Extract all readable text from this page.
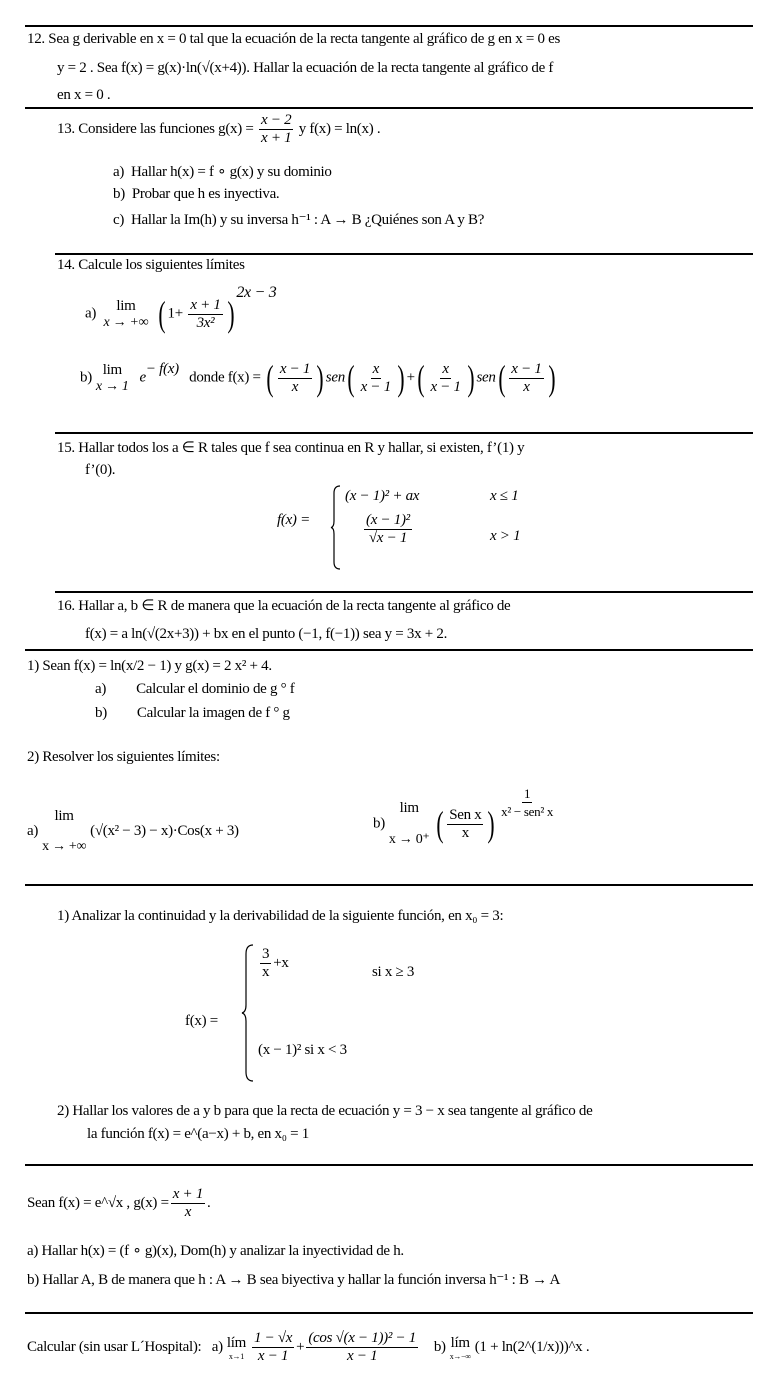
12. Sea g derivable en x = 0 tal que la ecuación de la recta tangente al gráfico de g en x = 0 es
y = 2 . Sea f(x) = g(x)·ln(√(x+4)). Hallar la ecuación de la recta tangente al gráfico de f
en x = 0 .
13. Considere las funciones $g(x) = \frac{x - 2}{x + 1}$ y f(x) = ln(x) .
a) Hallar h(x) = f ∘ g(x) y su dominio
b) Probar que h es inyectiva.
c) Hallar la Im(h) y su inversa h⁻¹ : A → B ¿Quiénes son A y B?
14. Calcule los siguientes límites
a) lim
x → +∞ ( $1+ \frac{x + 1}{\text{3x²}} )2x - 3$
b) lim
x → 1
e− f(x) donde f(x) = ( $\frac{x - 1}{x}$ ) $sen( \frac{x}{x - 1}$ ) +( $\frac{x}{x - 1}$ ) $sen( \frac{x - 1}{x}$ )
15. Hallar todos los a ∈ R tales que f sea continua en R y hallar, si existen, f’(1) y
f’(0).
f(x) =
(x − 1)² + ax	x ≤ 1
$\frac{\text{(x − 1)²}}{√x - 1}$	x > 1
16. Hallar a, b ∈ R de manera que la ecuación de la recta tangente al gráfico de
f(x) = a ln(√(2x+3)) + bx en el punto (−1, f(−1)) sea y = 3x + 2.
1) Sean f(x) = ln(x/2 − 1) y g(x) = 2 x² + 4.
a) Calcular el dominio de g ° f
b) Calcular la imagen de f ° g
2) Resolver los siguientes límites:
a)
lim
x → +∞
(√(x² − 3) − x)·Cos(x + 3)	b)
lim
x → 0⁺ ( $\frac{\text{Sen x}}{x}$ )
$\frac{1}{\text{x² − sen² x}}$
1) Analizar la continuidad y la derivabilidad de la siguiente función, en x₀ = 3:
f(x) =
$\frac{3}{x} +x$
si x ≥ 3
(x − 1)² si x < 3
2) Hallar los valores de a y b para que la recta de ecuación y = 3 − x sea tangente al gráfico de
la función f(x) = e^(a−x) + b, en x₀ = 1
Sean f(x) = e^√x , $g(x) = \frac{x + 1}{x}$ .
a) Hallar h(x) = (f ∘ g)(x), Dom(h) y analizar la inyectividad de h.
b) Hallar A, B de manera que h : A → B sea biyectiva y hallar la función inversa h⁻¹ : B → A
Calcular (sin usar L´Hospital): a) lím
$x\to 1 \frac{1 - √x}{x - 1} + \frac{\text{(cos √(x − 1))² − 1}}{x - 1} b$) lím
x→−∞
(1 + ln(2^(1/x)))^x .
